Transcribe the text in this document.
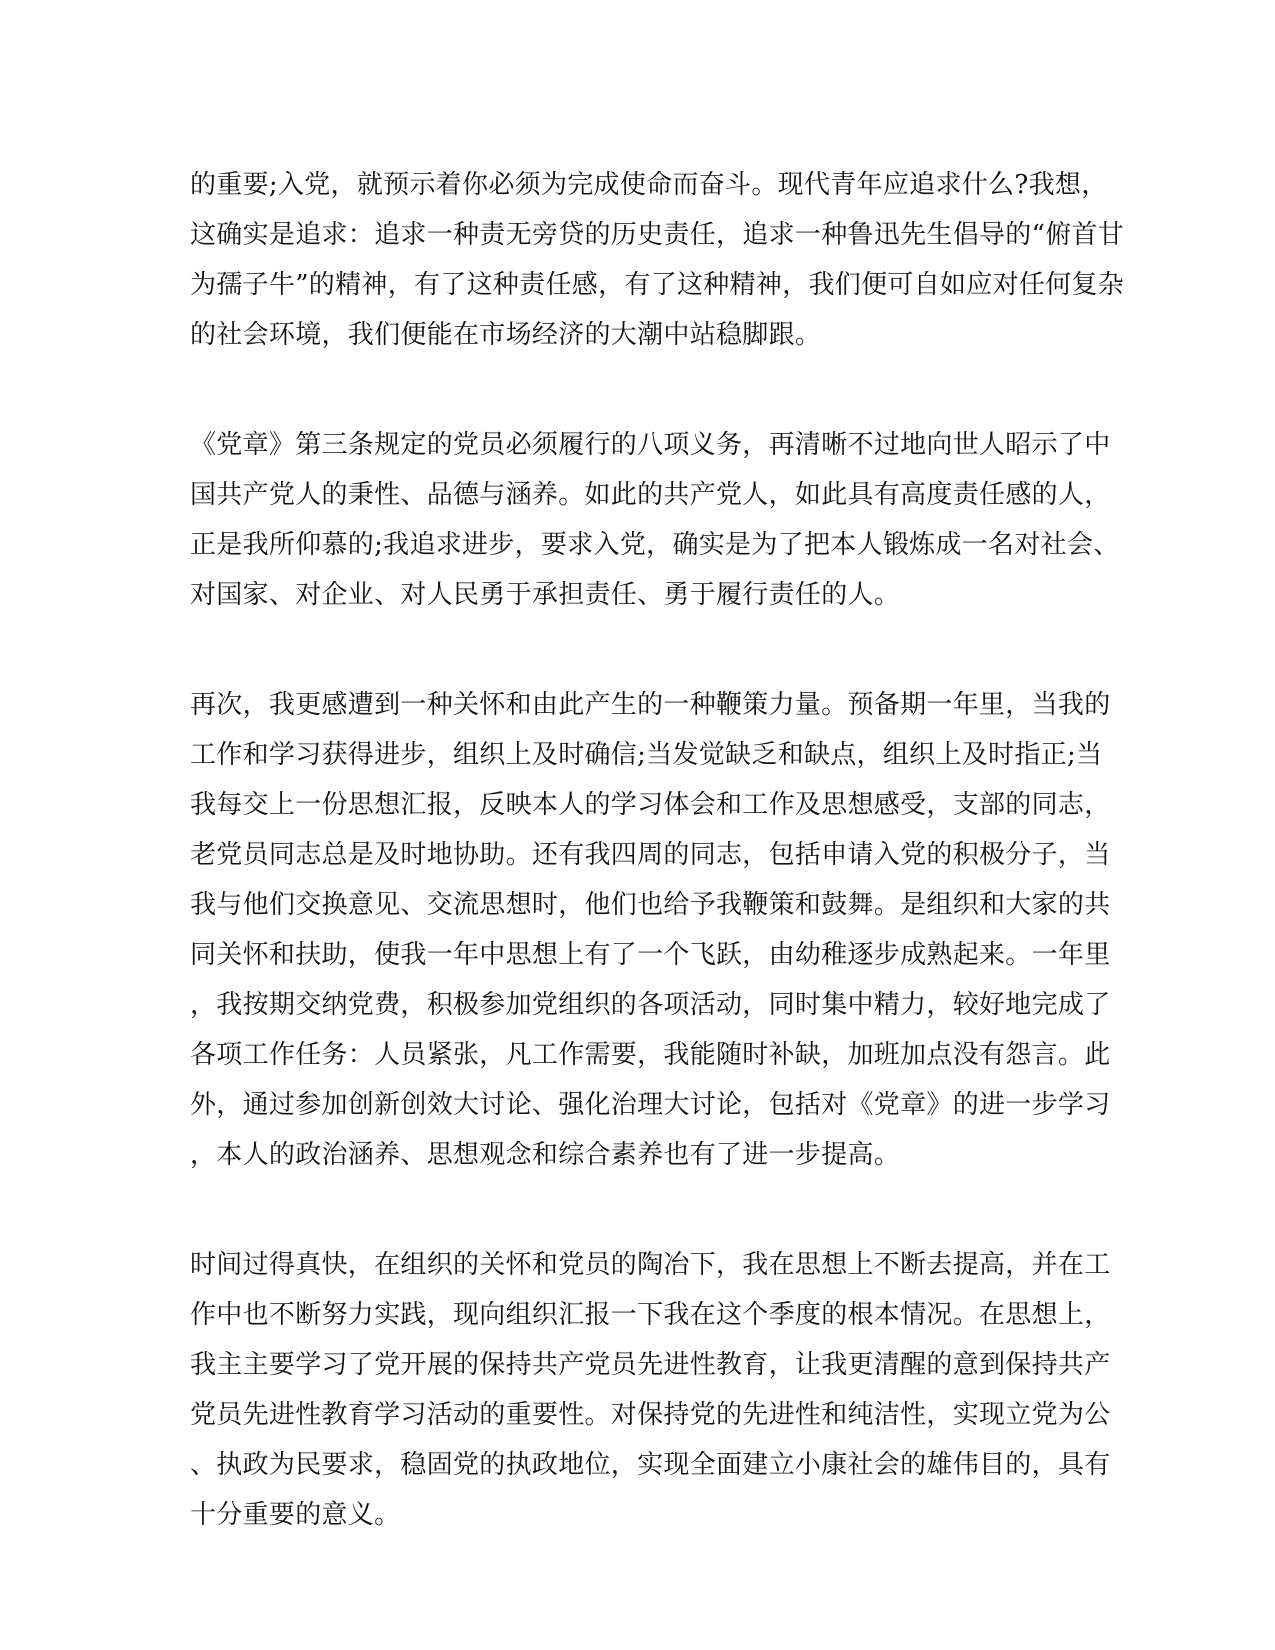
的重要;入党，就预示着你必须为完成使命而奋斗。现代青年应追求什么?我想，
这确实是追求：追求一种责无旁贷的历史责任，追求一种鲁迅先生倡导的“俯首甘
为孺子牛”的精神，有了这种责任感，有了这种精神，我们便可自如应对任何复杂
的社会环境，我们便能在市场经济的大潮中站稳脚跟。
《党章》第三条规定的党员必须履行的八项义务，再清晰不过地向世人昭示了中
国共产党人的秉性、品德与涵养。如此的共产党人，如此具有高度责任感的人，
正是我所仰慕的;我追求进步，要求入党，确实是为了把本人锻炼成一名对社会、
对国家、对企业、对人民勇于承担责任、勇于履行责任的人。
再次，我更感遭到一种关怀和由此产生的一种鞭策力量。预备期一年里，当我的
工作和学习获得进步，组织上及时确信;当发觉缺乏和缺点，组织上及时指正;当
我每交上一份思想汇报，反映本人的学习体会和工作及思想感受，支部的同志，
老党员同志总是及时地协助。还有我四周的同志，包括申请入党的积极分子，当
我与他们交换意见、交流思想时，他们也给予我鞭策和鼓舞。是组织和大家的共
同关怀和扶助，使我一年中思想上有了一个飞跃，由幼稚逐步成熟起来。一年里
，我按期交纳党费，积极参加党组织的各项活动，同时集中精力，较好地完成了
各项工作任务：人员紧张，凡工作需要，我能随时补缺，加班加点没有怨言。此
外，通过参加创新创效大讨论、强化治理大讨论，包括对《党章》的进一步学习
，本人的政治涵养、思想观念和综合素养也有了进一步提高。
时间过得真快，在组织的关怀和党员的陶冶下，我在思想上不断去提高，并在工
作中也不断努力实践，现向组织汇报一下我在这个季度的根本情况。在思想上，
我主主要学习了党开展的保持共产党员先进性教育，让我更清醒的意到保持共产
党员先进性教育学习活动的重要性。对保持党的先进性和纯洁性，实现立党为公
、执政为民要求，稳固党的执政地位，实现全面建立小康社会的雄伟目的，具有
十分重要的意义。
